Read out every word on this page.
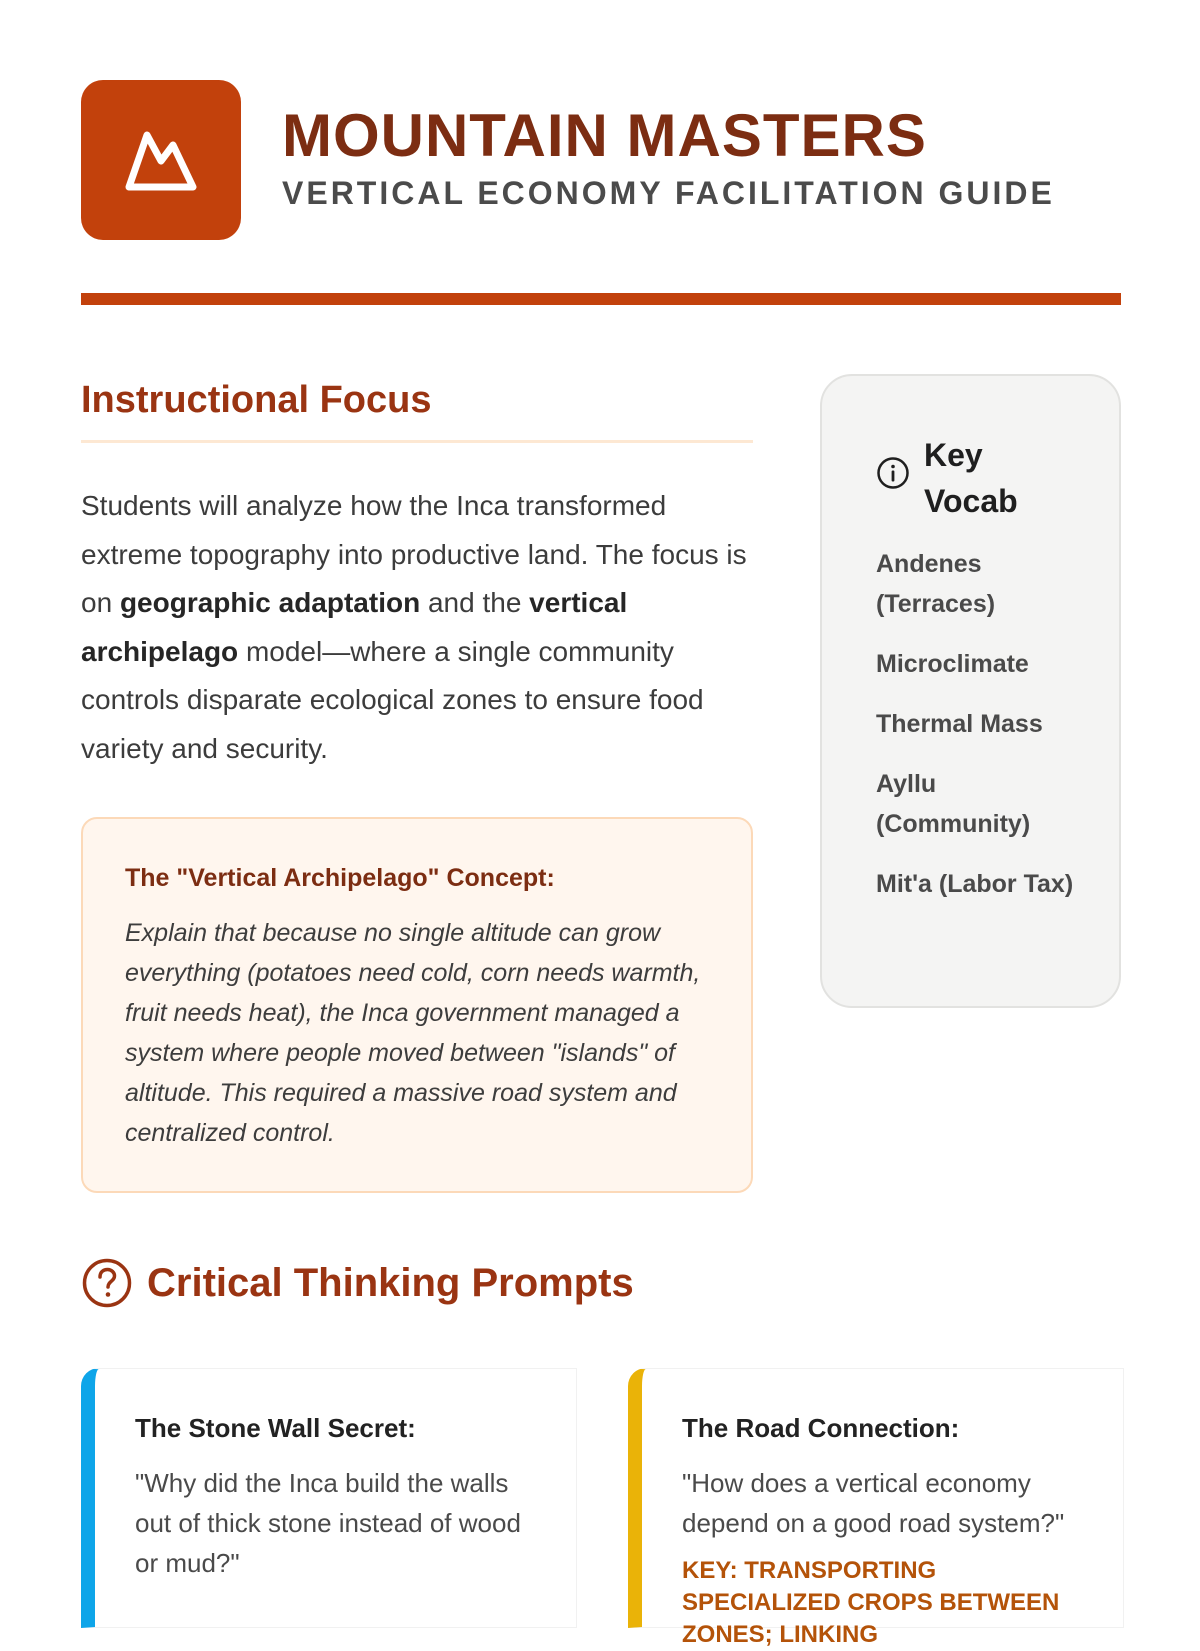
MOUNTAIN MASTERS
VERTICAL ECONOMY FACILITATION GUIDE
Instructional Focus
Students will analyze how the Inca transformed extreme topography into productive land. The focus is on geographic adaptation and the vertical archipelago model—where a single community controls disparate ecological zones to ensure food variety and security.
The "Vertical Archipelago" Concept:
Explain that because no single altitude can grow everything (potatoes need cold, corn needs warmth, fruit needs heat), the Inca government managed a system where people moved between "islands" of altitude. This required a massive road system and centralized control.
Key Vocab
Andenes (Terraces)
Microclimate
Thermal Mass
Ayllu (Community)
Mit'a (Labor Tax)
Critical Thinking Prompts
The Stone Wall Secret:
"Why did the Inca build the walls out of thick stone instead of wood or mud?"
The Road Connection:
"How does a vertical economy depend on a good road system?"
KEY: TRANSPORTING SPECIALIZED CROPS BETWEEN ZONES; LINKING
